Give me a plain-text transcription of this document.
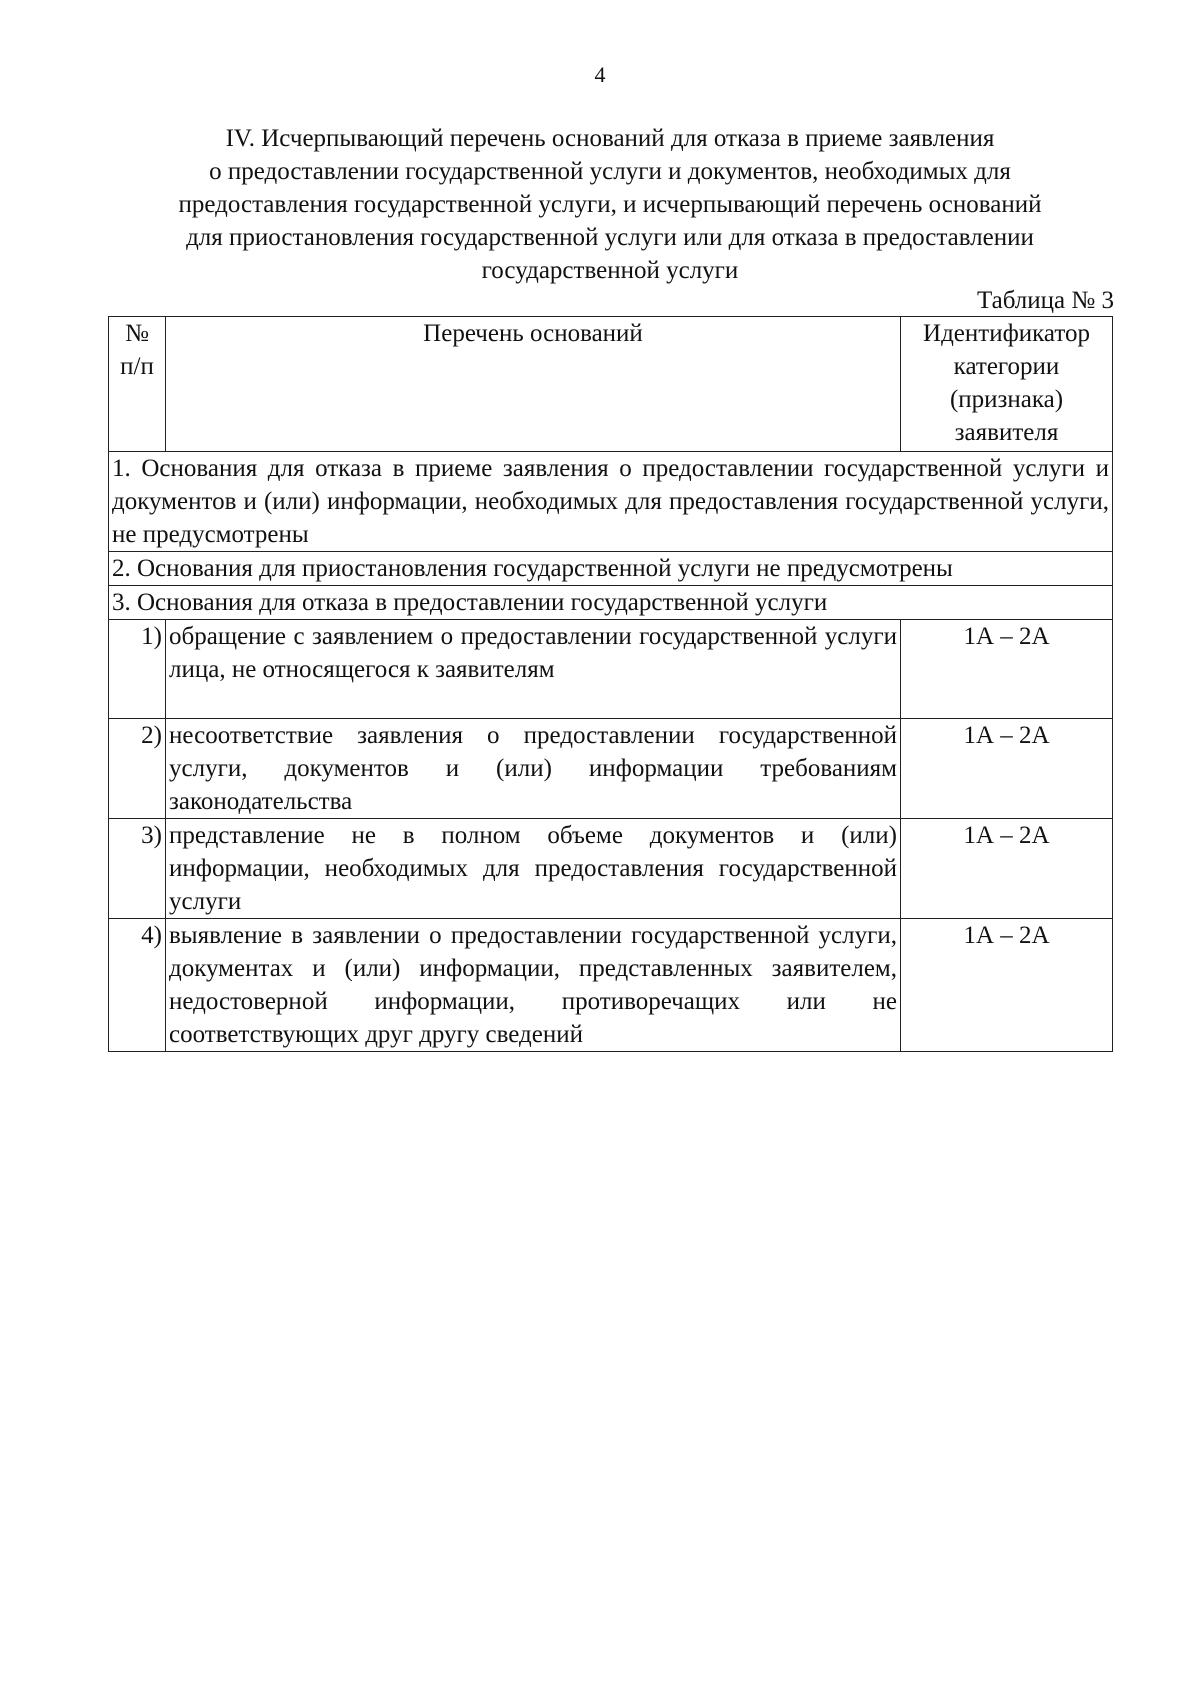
4
IV. Исчерпывающий перечень оснований для отказа в приеме заявления
о предоставлении государственной услуги и документов, необходимых для
предоставления государственной услуги, и исчерпывающий перечень оснований
для приостановления государственной услуги или для отказа в предоставлении
государственной услуги
Таблица № 3
№ п/п	Перечень оснований	Идентификатор категории (признака) заявителя
1. Основания для отказа в приеме заявления о предоставлении государственной услуги и документов и (или) информации, необходимых для предоставления государственной услуги, не предусмотрены		
2. Основания для приостановления государственной услуги не предусмотрены		
3. Основания для отказа в предоставлении государственной услуги		
1)	обращение с заявлением о предоставлении государственной услуги лица, не относящегося к заявителям	1А – 2А
2)	несоответствие заявления о предоставлении государственной услуги, документов и (или) информации требованиям законодательства	1А – 2А
3)	представление не в полном объеме документов и (или) информации, необходимых для предоставления государственной услуги	1А – 2А
4)	выявление в заявлении о предоставлении государственной услуги, документах и (или) информации, представленных заявителем, недостоверной информации, противоречащих или не соответствующих друг другу сведений	1А – 2А
